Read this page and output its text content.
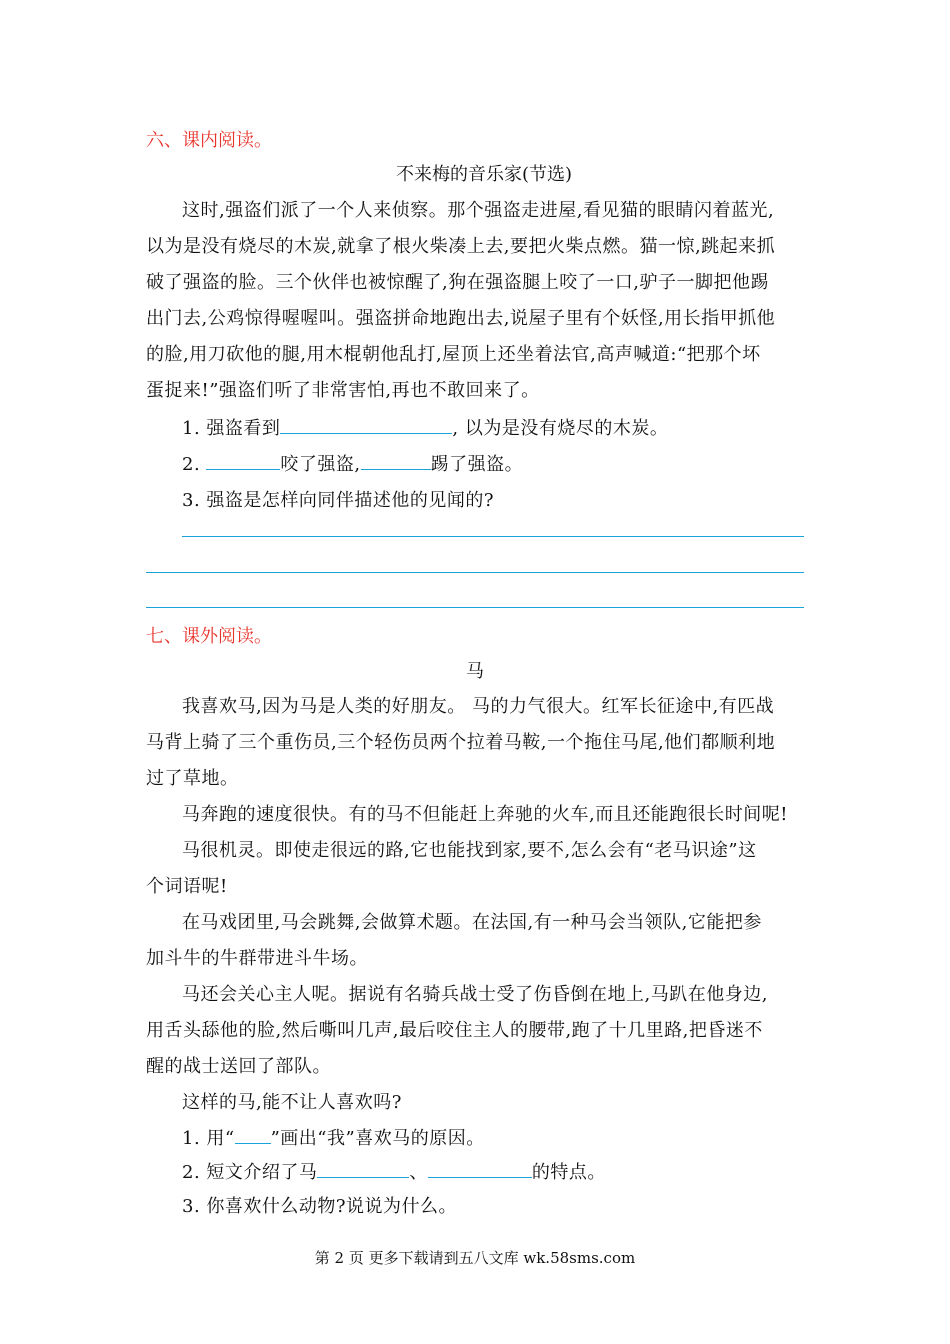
六、课内阅读。
不来梅的音乐家(节选)
这时,强盗们派了一个人来侦察。那个强盗走进屋,看见猫的眼睛闪着蓝光,
以为是没有烧尽的木炭,就拿了根火柴凑上去,要把火柴点燃。猫一惊,跳起来抓
破了强盗的脸。三个伙伴也被惊醒了,狗在强盗腿上咬了一口,驴子一脚把他踢
出门去,公鸡惊得喔喔叫。强盗拼命地跑出去,说屋子里有个妖怪,用长指甲抓他
的脸,用刀砍他的腿,用木棍朝他乱打,屋顶上还坐着法官,高声喊道:“把那个坏
蛋捉来!”强盗们听了非常害怕,再也不敢回来了。
1. 强盗看到	, 以为是没有烧尽的木炭。
2.	咬了强盗,	踢了强盗。
3. 强盗是怎样向同伴描述他的见闻的?
七、课外阅读。
马
我喜欢马,因为马是人类的好朋友。 马的力气很大。红军长征途中,有匹战
马背上骑了三个重伤员,三个轻伤员两个拉着马鞍,一个拖住马尾,他们都顺利地
过了草地。
马奔跑的速度很快。有的马不但能赶上奔驰的火车,而且还能跑很长时间呢!
马很机灵。即使走很远的路,它也能找到家,要不,怎么会有“老马识途”这
个词语呢!
在马戏团里,马会跳舞,会做算术题。在法国,有一种马会当领队,它能把参
加斗牛的牛群带进斗牛场。
马还会关心主人呢。据说有名骑兵战士受了伤昏倒在地上,马趴在他身边,
用舌头舔他的脸,然后嘶叫几声,最后咬住主人的腰带,跑了十几里路,把昏迷不
醒的战士送回了部队。
这样的马,能不让人喜欢吗?
1. 用“ ”画出“我”喜欢马的原因。
2. 短文介绍了马	、	的特点。
3. 你喜欢什么动物?说说为什么。
第 2 页 更多下载请到五八文库 wk.58sms.com
